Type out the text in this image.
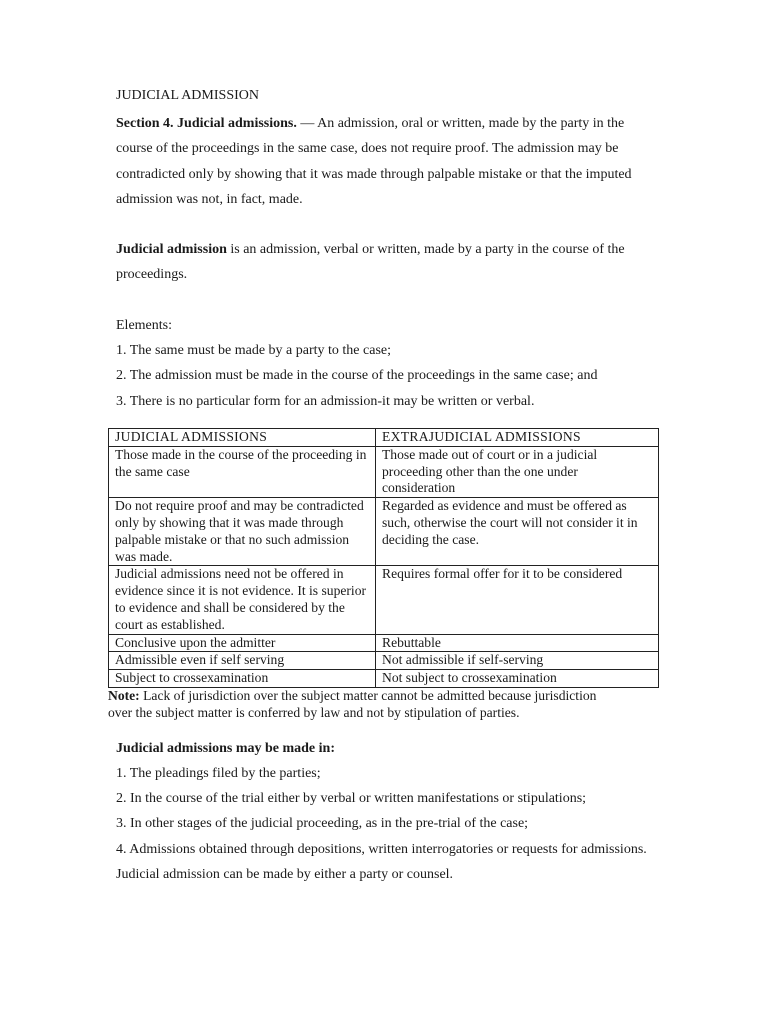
JUDICIAL ADMISSION

Section 4. Judicial admissions. — An admission, oral or written, made by the party in the course of the proceedings in the same case, does not require proof. The admission may be contradicted only by showing that it was made through palpable mistake or that the imputed admission was not, in fact, made.

Judicial admission is an admission, verbal or written, made by a party in the course of the proceedings.

Elements:

1. The same must be made by a party to the case;
2. The admission must be made in the course of the proceedings in the same case; and
3. There is no particular form for an admission-it may be written or verbal.
JUDICIAL ADMISSIONS	EXTRAJUDICIAL ADMISSIONS
Those made in the course of the proceeding in the same case	Those made out of court or in a judicial proceeding other than the one under consideration
Do not require proof and may be contradicted only by showing that it was made through palpable mistake or that no such admission was made.	Regarded as evidence and must be offered as such, otherwise the court will not consider it in deciding the case.
Judicial admissions need not be offered in evidence since it is not evidence. It is superior to evidence and shall be considered by the court as established.	Requires formal offer for it to be considered
Conclusive upon the admitter	Rebuttable
Admissible even if self serving	Not admissible if self-serving
Subject to crossexamination	Not subject to crossexamination

Note: Lack of jurisdiction over the subject matter cannot be admitted because jurisdiction over the subject matter is conferred by law and not by stipulation of parties.

Judicial admissions may be made in:

1. The pleadings filed by the parties;
2. In the course of the trial either by verbal or written manifestations or stipulations;
3. In other stages of the judicial proceeding, as in the pre-trial of the case;
4. Admissions obtained through depositions, written interrogatories or requests for admissions. Judicial admission can be made by either a party or counsel.
